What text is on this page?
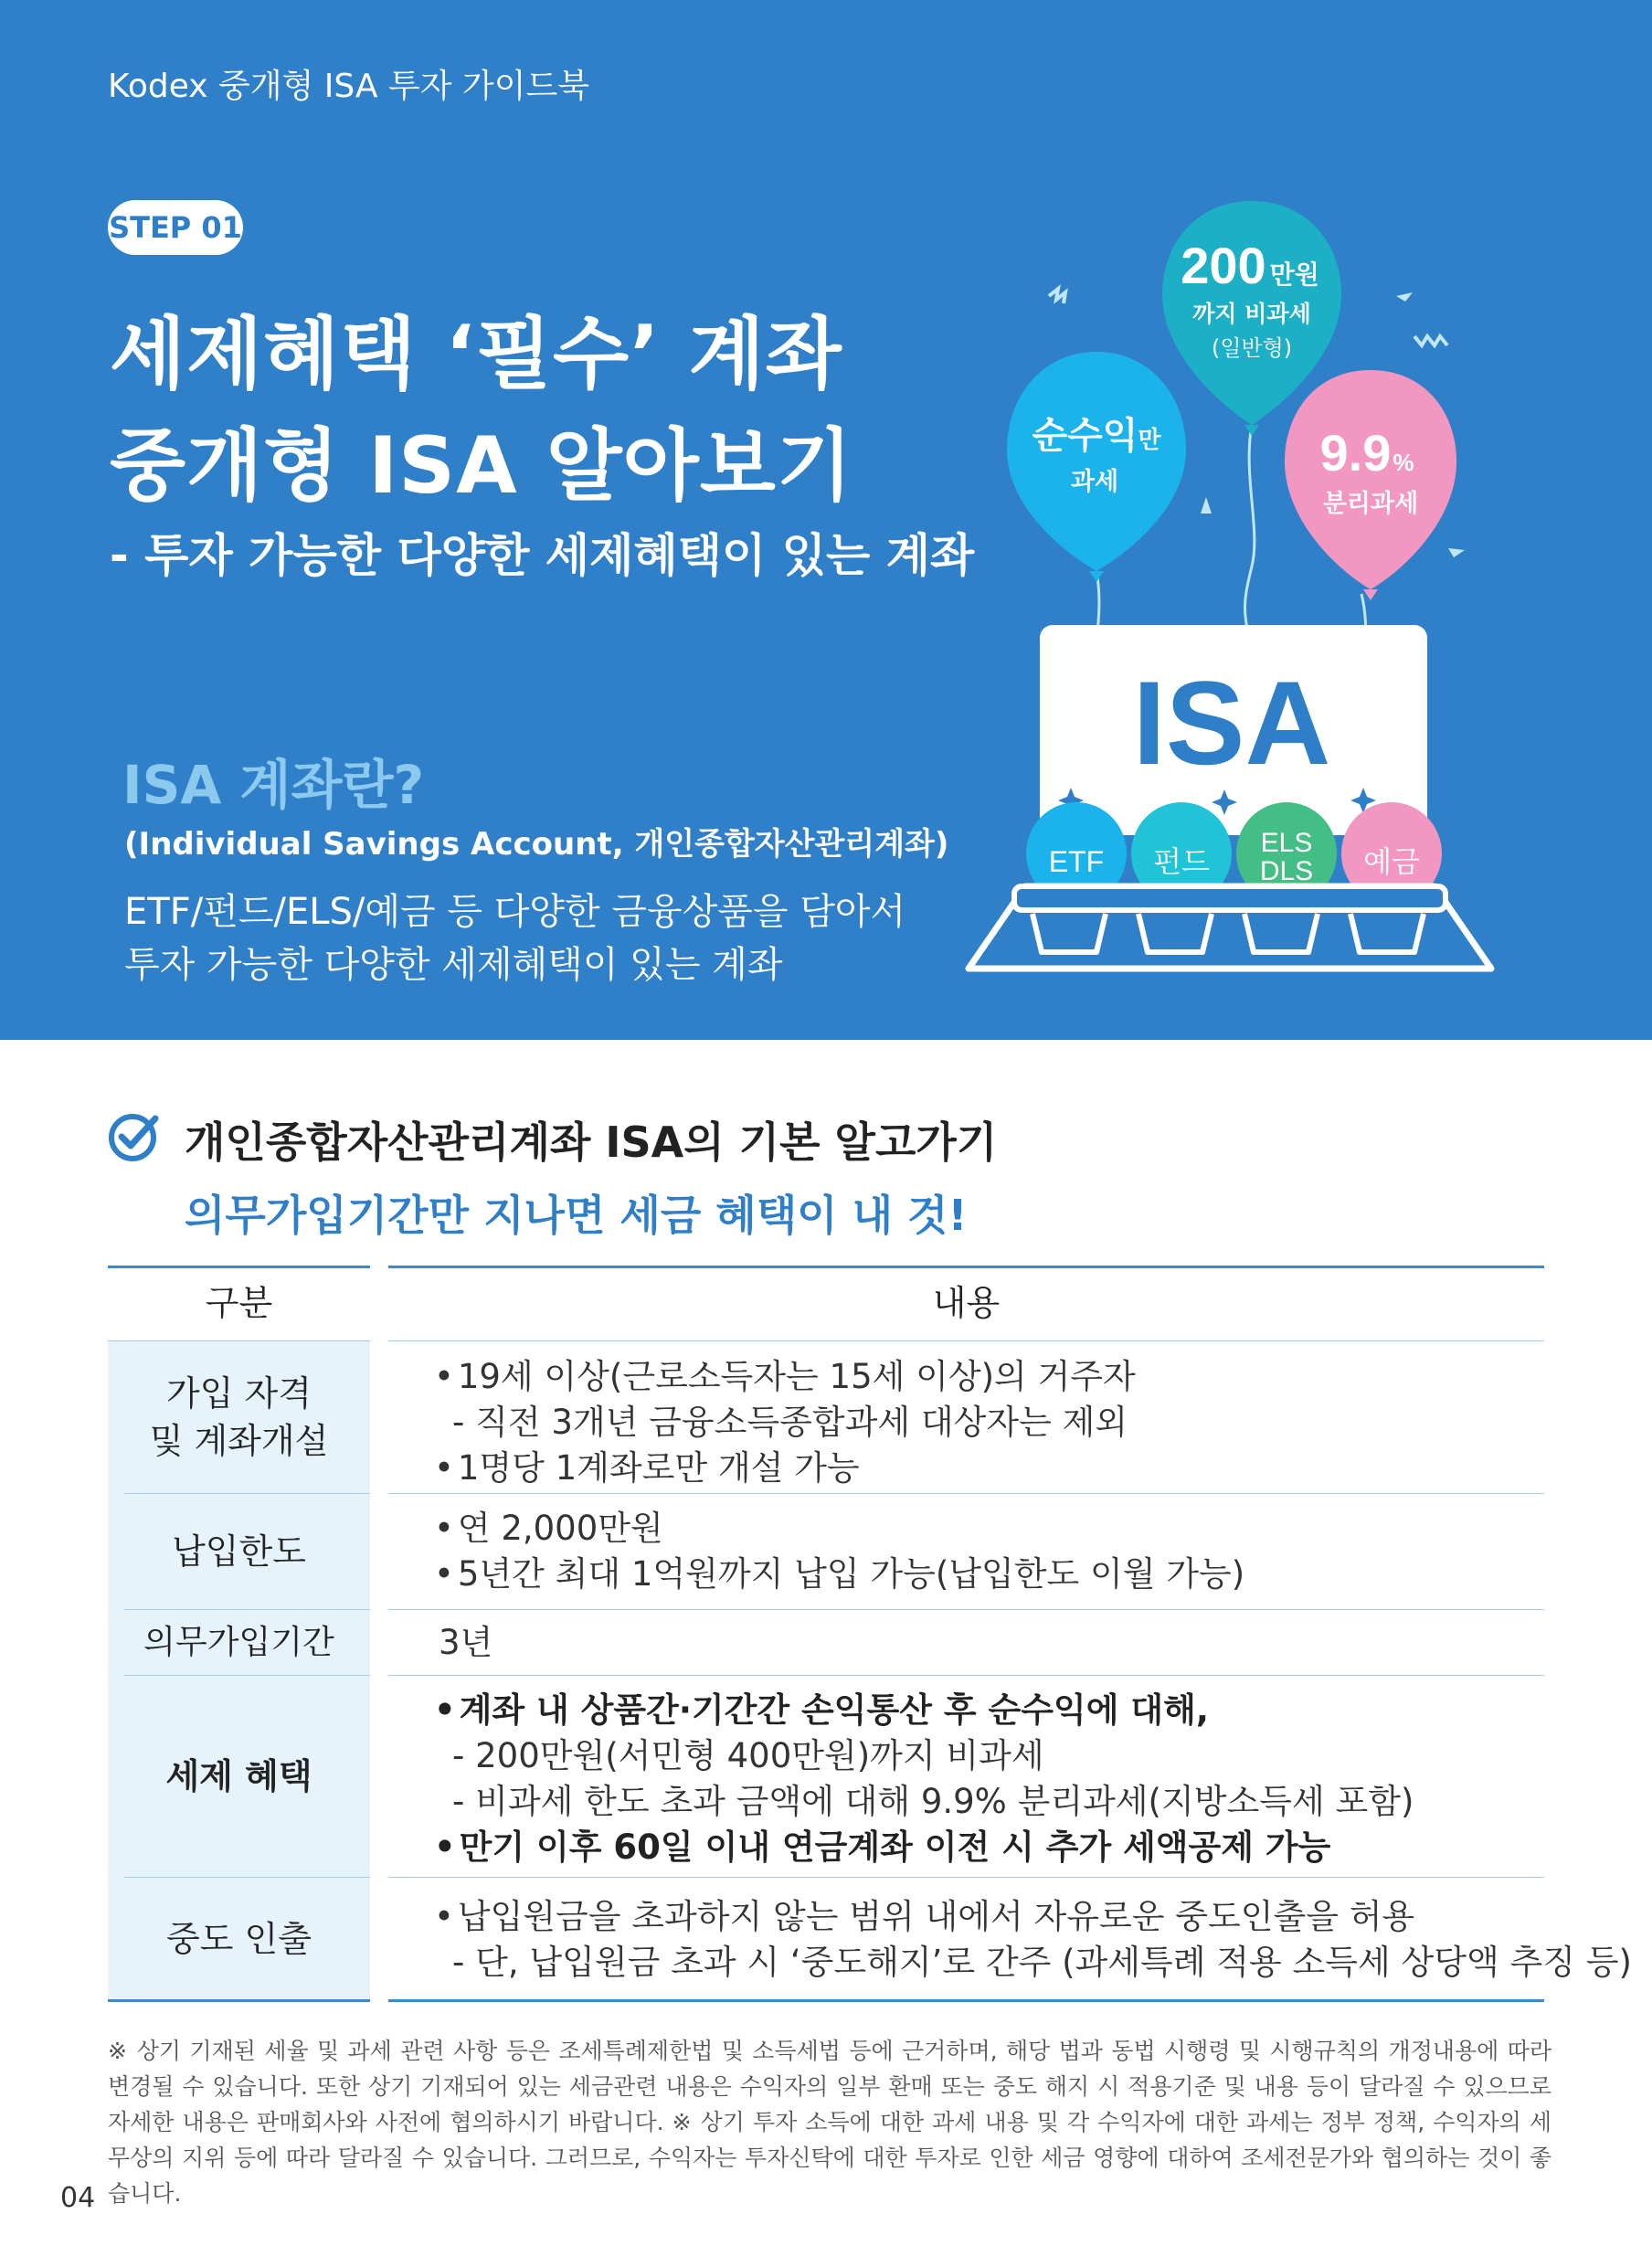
Kodex 중개형 ISA 투자 가이드북
STEP 01
세제혜택 ‘필수’ 계좌
중개형 ISA 알아보기
- 투자 가능한 다양한 세제혜택이 있는 계좌
ISA 계좌란?
(Individual Savings Account, 개인종합자산관리계좌)
ETF/펀드/ELS/예금 등 다양한 금융상품을 담아서
투자 가능한 다양한 세제혜택이 있는 계좌
200 만원
까지 비과세
(일반형)
순수익만
과세
9.9%
분리과세
ISA
ETF 펀드
ELS
DLS 예금
개인종합자산관리계좌 ISA의 기본 알고가기
의무가입기간만 지나면 세금 혜택이 내 것!
구분	내용
가입 자격
및 계좌개설
• 19세 이상(근로소득자는 15세 이상)의 거주자
- 직전 3개년 금융소득종합과세 대상자는 제외
• 1명당 1계좌로만 개설 가능
납입한도
• 연 2,000만원
• 5년간 최대 1억원까지 납입 가능(납입한도 이월 가능)
의무가입기간	3년
세제 혜택
• 계좌 내 상품간·기간간 손익통산 후 순수익에 대해,
- 200만원(서민형 400만원)까지 비과세
- 비과세 한도 초과 금액에 대해 9.9% 분리과세(지방소득세 포함)
• 만기 이후 60일 이내 연금계좌 이전 시 추가 세액공제 가능
중도 인출
• 납입원금을 초과하지 않는 범위 내에서 자유로운 중도인출을 허용
- 단, 납입원금 초과 시 ‘중도해지’로 간주 (과세특례 적용 소득세 상당액 추징 등)
※ 상기 기재된 세율 및 과세 관련 사항 등은 조세특례제한법 및 소득세법 등에 근거하며, 해당 법과 동법 시행령 및 시행규칙의 개정내용에 따라 변경될 수 있습니다. 또한 상기 기재되어 있는 세금관련 내용은 수익자의 일부 환매 또는 중도 해지 시 적용기준 및 내용 등이 달라질 수 있으므로 자세한 내용은 판매회사와 사전에 협의하시기 바랍니다. ※ 상기 투자 소득에 대한 과세 내용 및 각 수익자에 대한 과세는 정부 정책, 수익자의 세무상의 지위 등에 따라 달라질 수 있습니다. 그러므로, 수익자는 투자신탁에 대한 투자로 인한 세금 영향에 대하여 조세전문가와 협의하는 것이 좋습니다.
04
